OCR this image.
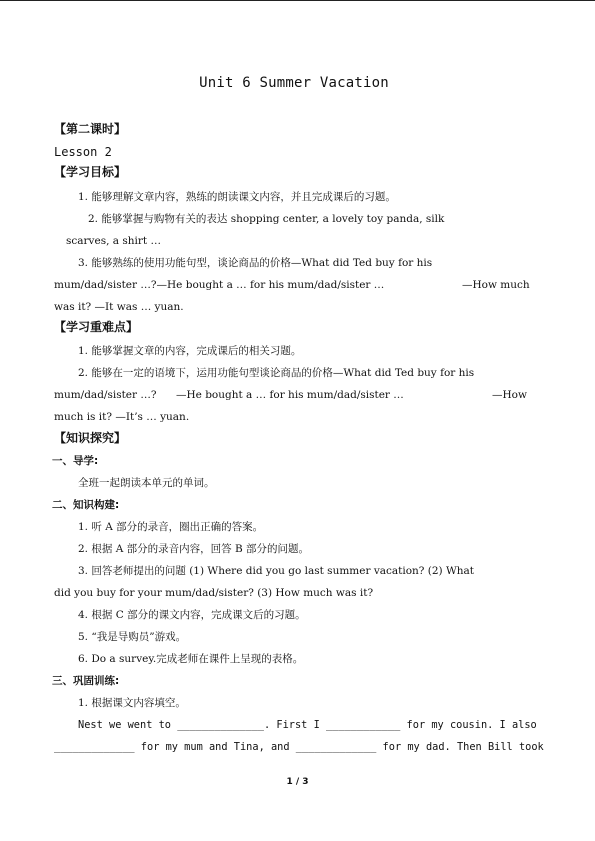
Unit 6 Summer Vacation
【第二课时】
Lesson 2
【学习目标】
1. 能够理解文章内容，熟练的朗读课文内容，并且完成课后的习题。
2. 能够掌握与购物有关的表达 shopping center, a lovely toy panda, silk
scarves, a shirt …
3. 能够熟练的使用功能句型，谈论商品的价格—What did Ted buy for his
mum/dad/sister …?—He bought a … for his mum/dad/sister …	—How much
was it? —It was … yuan.
【学习重难点】
1. 能够掌握文章的内容，完成课后的相关习题。
2. 能够在一定的语境下，运用功能句型谈论商品的价格—What did Ted buy for his
mum/dad/sister …? —He bought a … for his mum/dad/sister …	—How
much is it? —It’s … yuan.
【知识探究】
一、导学:
全班一起朗读本单元的单词。
二、知识构建:
1. 听 A 部分的录音，圈出正确的答案。
2. 根据 A 部分的录音内容，回答 B 部分的问题。
3. 回答老师提出的问题 (1) Where did you go last summer vacation? (2) What
did you buy for your mum/dad/sister? (3) How much was it?
4. 根据 C 部分的课文内容，完成课文后的习题。
5. “我是导购员”游戏。
6. Do a survey.完成老师在课件上呈现的表格。
三、巩固训练:
1. 根据课文内容填空。
Nest we went to ______________. First I ____________ for my cousin. I also
_____________ for my mum and Tina, and _____________ for my dad. Then Bill took
1 / 3
